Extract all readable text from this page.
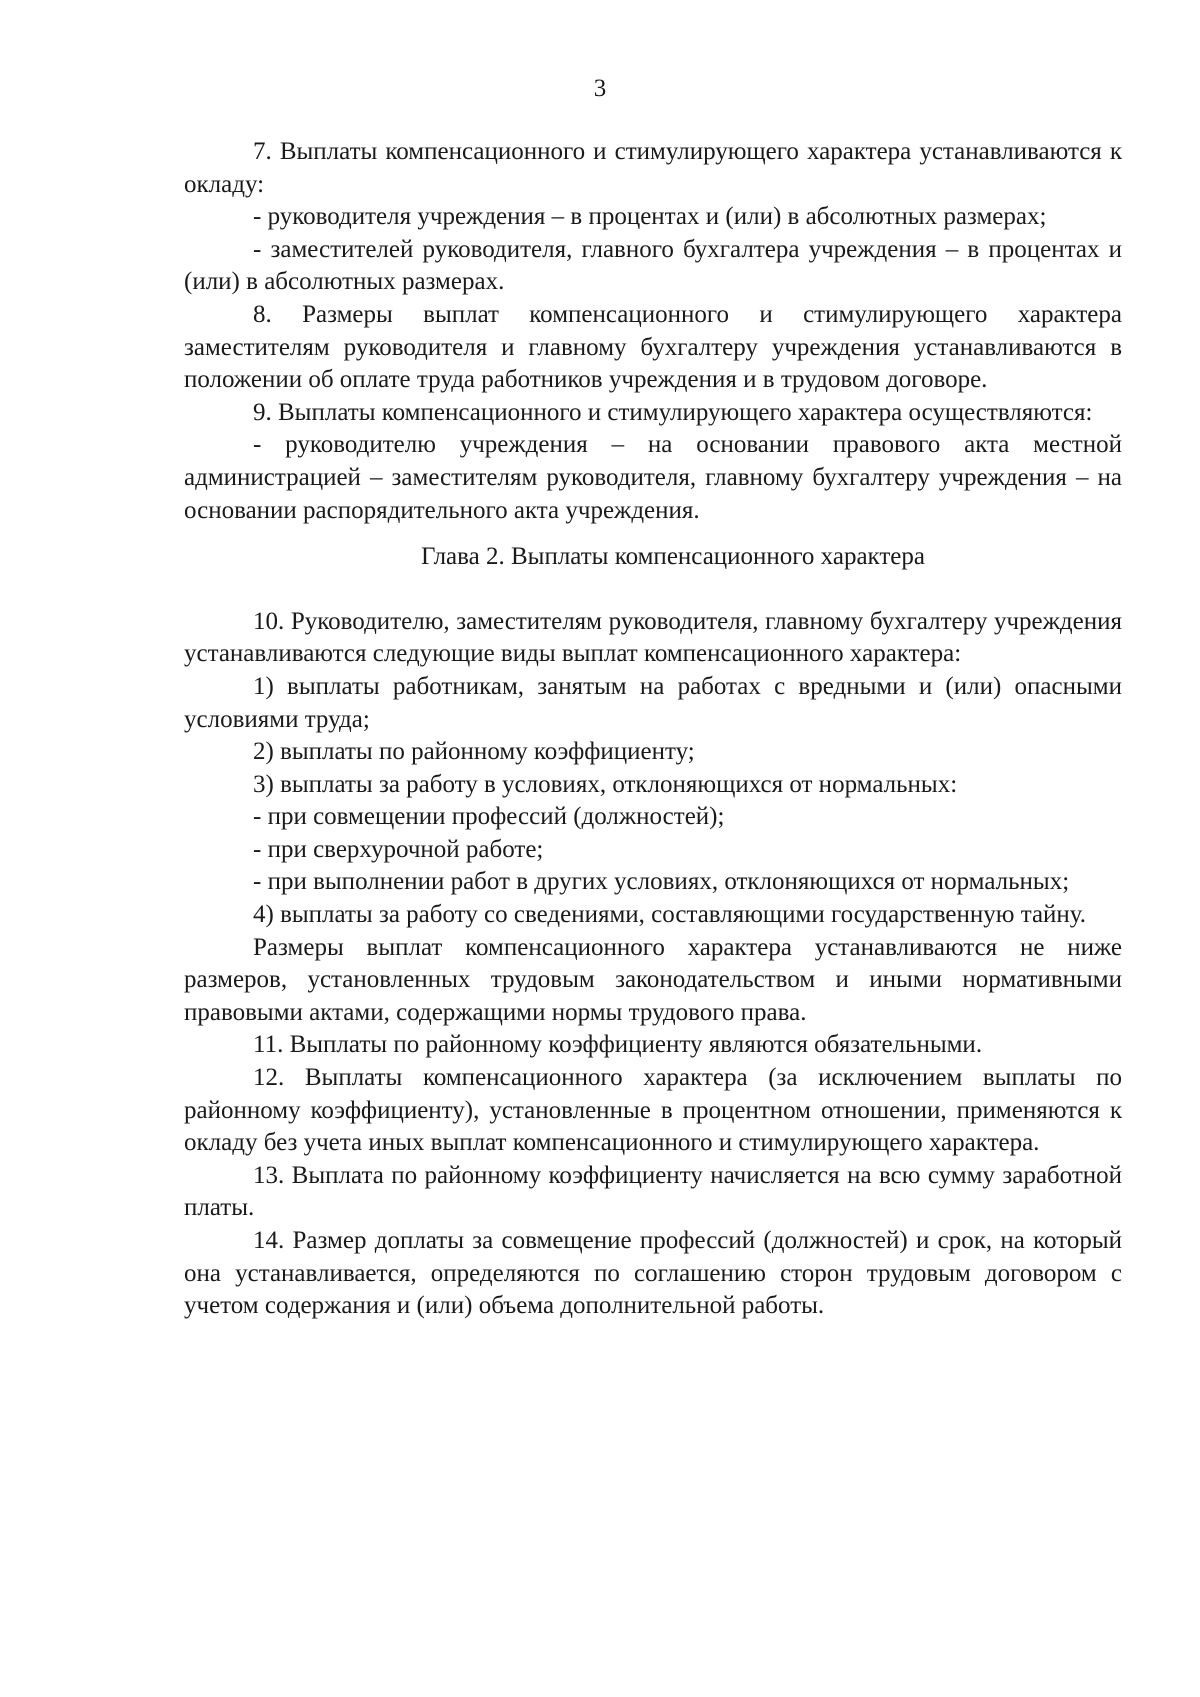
3

7. Выплаты компенсационного и стимулирующего характера устанавливаются к окладу:

- руководителя учреждения – в процентах и (или) в абсолютных размерах;

- заместителей руководителя, главного бухгалтера учреждения – в процентах и (или) в абсолютных размерах.

8. Размеры выплат компенсационного и стимулирующего характера заместителям руководителя и главному бухгалтеру учреждения устанавливаются в положении об оплате труда работников учреждения и в трудовом договоре.

9. Выплаты компенсационного и стимулирующего характера осуществляются:

- руководителю учреждения – на основании правового акта местной администрацией – заместителям руководителя, главному бухгалтеру учреждения – на основании распорядительного акта учреждения.

Глава 2. Выплаты компенсационного характера

10. Руководителю, заместителям руководителя, главному бухгалтеру учреждения устанавливаются следующие виды выплат компенсационного характера:

1) выплаты работникам, занятым на работах с вредными и (или) опасными условиями труда;

2) выплаты по районному коэффициенту;

3) выплаты за работу в условиях, отклоняющихся от нормальных:

- при совмещении профессий (должностей);

- при сверхурочной работе;

- при выполнении работ в других условиях, отклоняющихся от нормальных;

4) выплаты за работу со сведениями, составляющими государственную тайну.

Размеры выплат компенсационного характера устанавливаются не ниже размеров, установленных трудовым законодательством и иными нормативными правовыми актами, содержащими нормы трудового права.

11. Выплаты по районному коэффициенту являются обязательными.

12. Выплаты компенсационного характера (за исключением выплаты по районному коэффициенту), установленные в процентном отношении, применяются к окладу без учета иных выплат компенсационного и стимулирующего характера.

13. Выплата по районному коэффициенту начисляется на всю сумму заработной платы.

14. Размер доплаты за совмещение профессий (должностей) и срок, на который она устанавливается, определяются по соглашению сторон трудовым договором с учетом содержания и (или) объема дополнительной работы.
